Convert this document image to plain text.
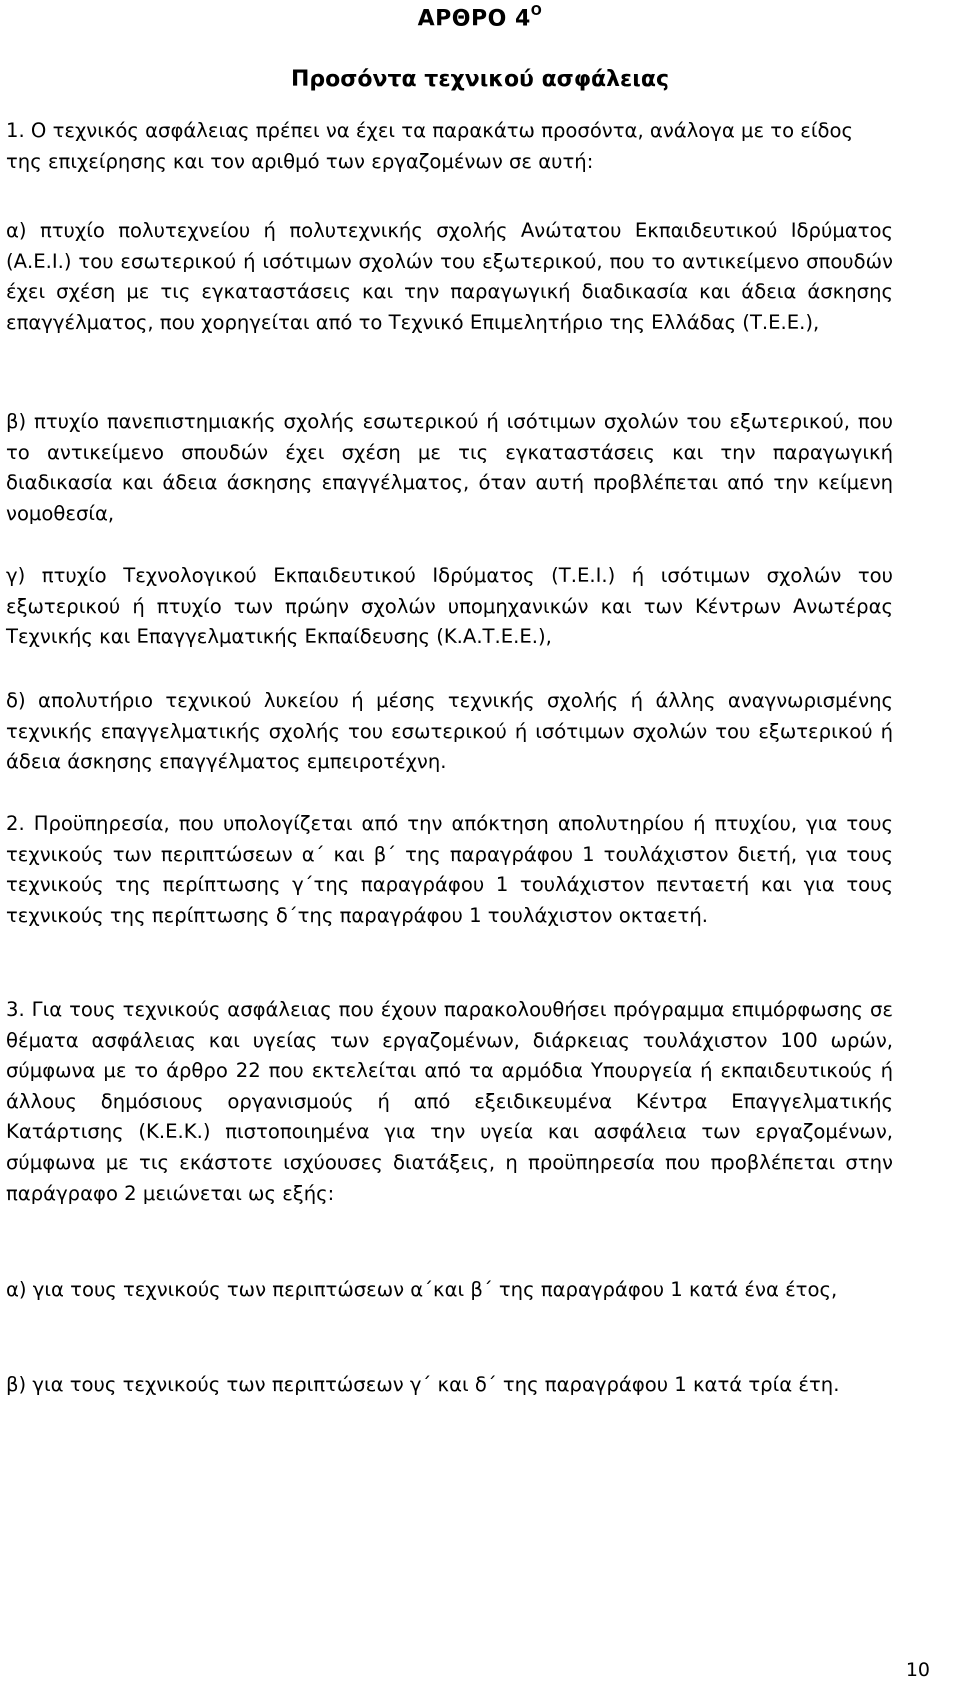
ΑΡΘΡΟ $4^O$
Προσόντα τεχνικού ασφάλειας
1. Ο τεχνικός ασφάλειας πρέπει να έχει τα παρακάτω προσόντα, ανάλογα με το είδος της επιχείρησης και τον αριθμό των εργαζομένων σε αυτή:
α) πτυχίο πολυτεχνείου ή πολυτεχνικής σχολής Ανώτατου Εκπαιδευτικού Ιδρύματος (Α.Ε.Ι.) του εσωτερικού ή ισότιμων σχολών του εξωτερικού, που το αντικείμενο σπουδών έχει σχέση με τις εγκαταστάσεις και την παραγωγική διαδικασία και άδεια άσκησης επαγγέλματος, που χορηγείται από το Τεχνικό Επιμελητήριο της Ελλάδας (Τ.Ε.Ε.),
β) πτυχίο πανεπιστημιακής σχολής εσωτερικού ή ισότιμων σχολών του εξωτερικού, που το αντικείμενο σπουδών έχει σχέση με τις εγκαταστάσεις και την παραγωγική διαδικασία και άδεια άσκησης επαγγέλματος, όταν αυτή προβλέπεται από την κείμενη νομοθεσία,
γ) πτυχίο Τεχνολογικού Εκπαιδευτικού Ιδρύματος (Τ.Ε.Ι.) ή ισότιμων σχολών του εξωτερικού ή πτυχίο των πρώην σχολών υπομηχανικών και των Κέντρων Ανωτέρας Τεχνικής και Επαγγελματικής Εκπαίδευσης (Κ.Α.Τ.Ε.Ε.),
δ) απολυτήριο τεχνικού λυκείου ή μέσης τεχνικής σχολής ή άλλης αναγνωρισμένης τεχνικής επαγγελματικής σχολής του εσωτερικού ή ισότιμων σχολών του εξωτερικού ή άδεια άσκησης επαγγέλματος εμπειροτέχνη.
2. Προϋπηρεσία, που υπολογίζεται από την απόκτηση απολυτηρίου ή πτυχίου, για τους τεχνικούς των περιπτώσεων α΄ και β΄ της παραγράφου 1 τουλάχιστον διετή, για τους τεχνικούς της περίπτωσης γ΄της παραγράφου 1 τουλάχιστον πενταετή και για τους τεχνικούς της περίπτωσης δ΄της παραγράφου 1 τουλάχιστον οκταετή.
3. Για τους τεχνικούς ασφάλειας που έχουν παρακολουθήσει πρόγραμμα επιμόρφωσης σε θέματα ασφάλειας και υγείας των εργαζομένων, διάρκειας τουλάχιστον 100 ωρών, σύμφωνα με το άρθρο 22 που εκτελείται από τα αρμόδια Υπουργεία ή εκπαιδευτικούς ή άλλους δημόσιους οργανισμούς ή από εξειδικευμένα Κέντρα Επαγγελματικής Κατάρτισης (Κ.Ε.Κ.) πιστοποιημένα για την υγεία και ασφάλεια των εργαζομένων, σύμφωνα με τις εκάστοτε ισχύουσες διατάξεις, η προϋπηρεσία που προβλέπεται στην παράγραφο 2 μειώνεται ως εξής:
α) για τους τεχνικούς των περιπτώσεων α΄και β΄ της παραγράφου 1 κατά ένα έτος,
β) για τους τεχνικούς των περιπτώσεων γ΄ και δ΄ της παραγράφου 1 κατά τρία έτη.
10
